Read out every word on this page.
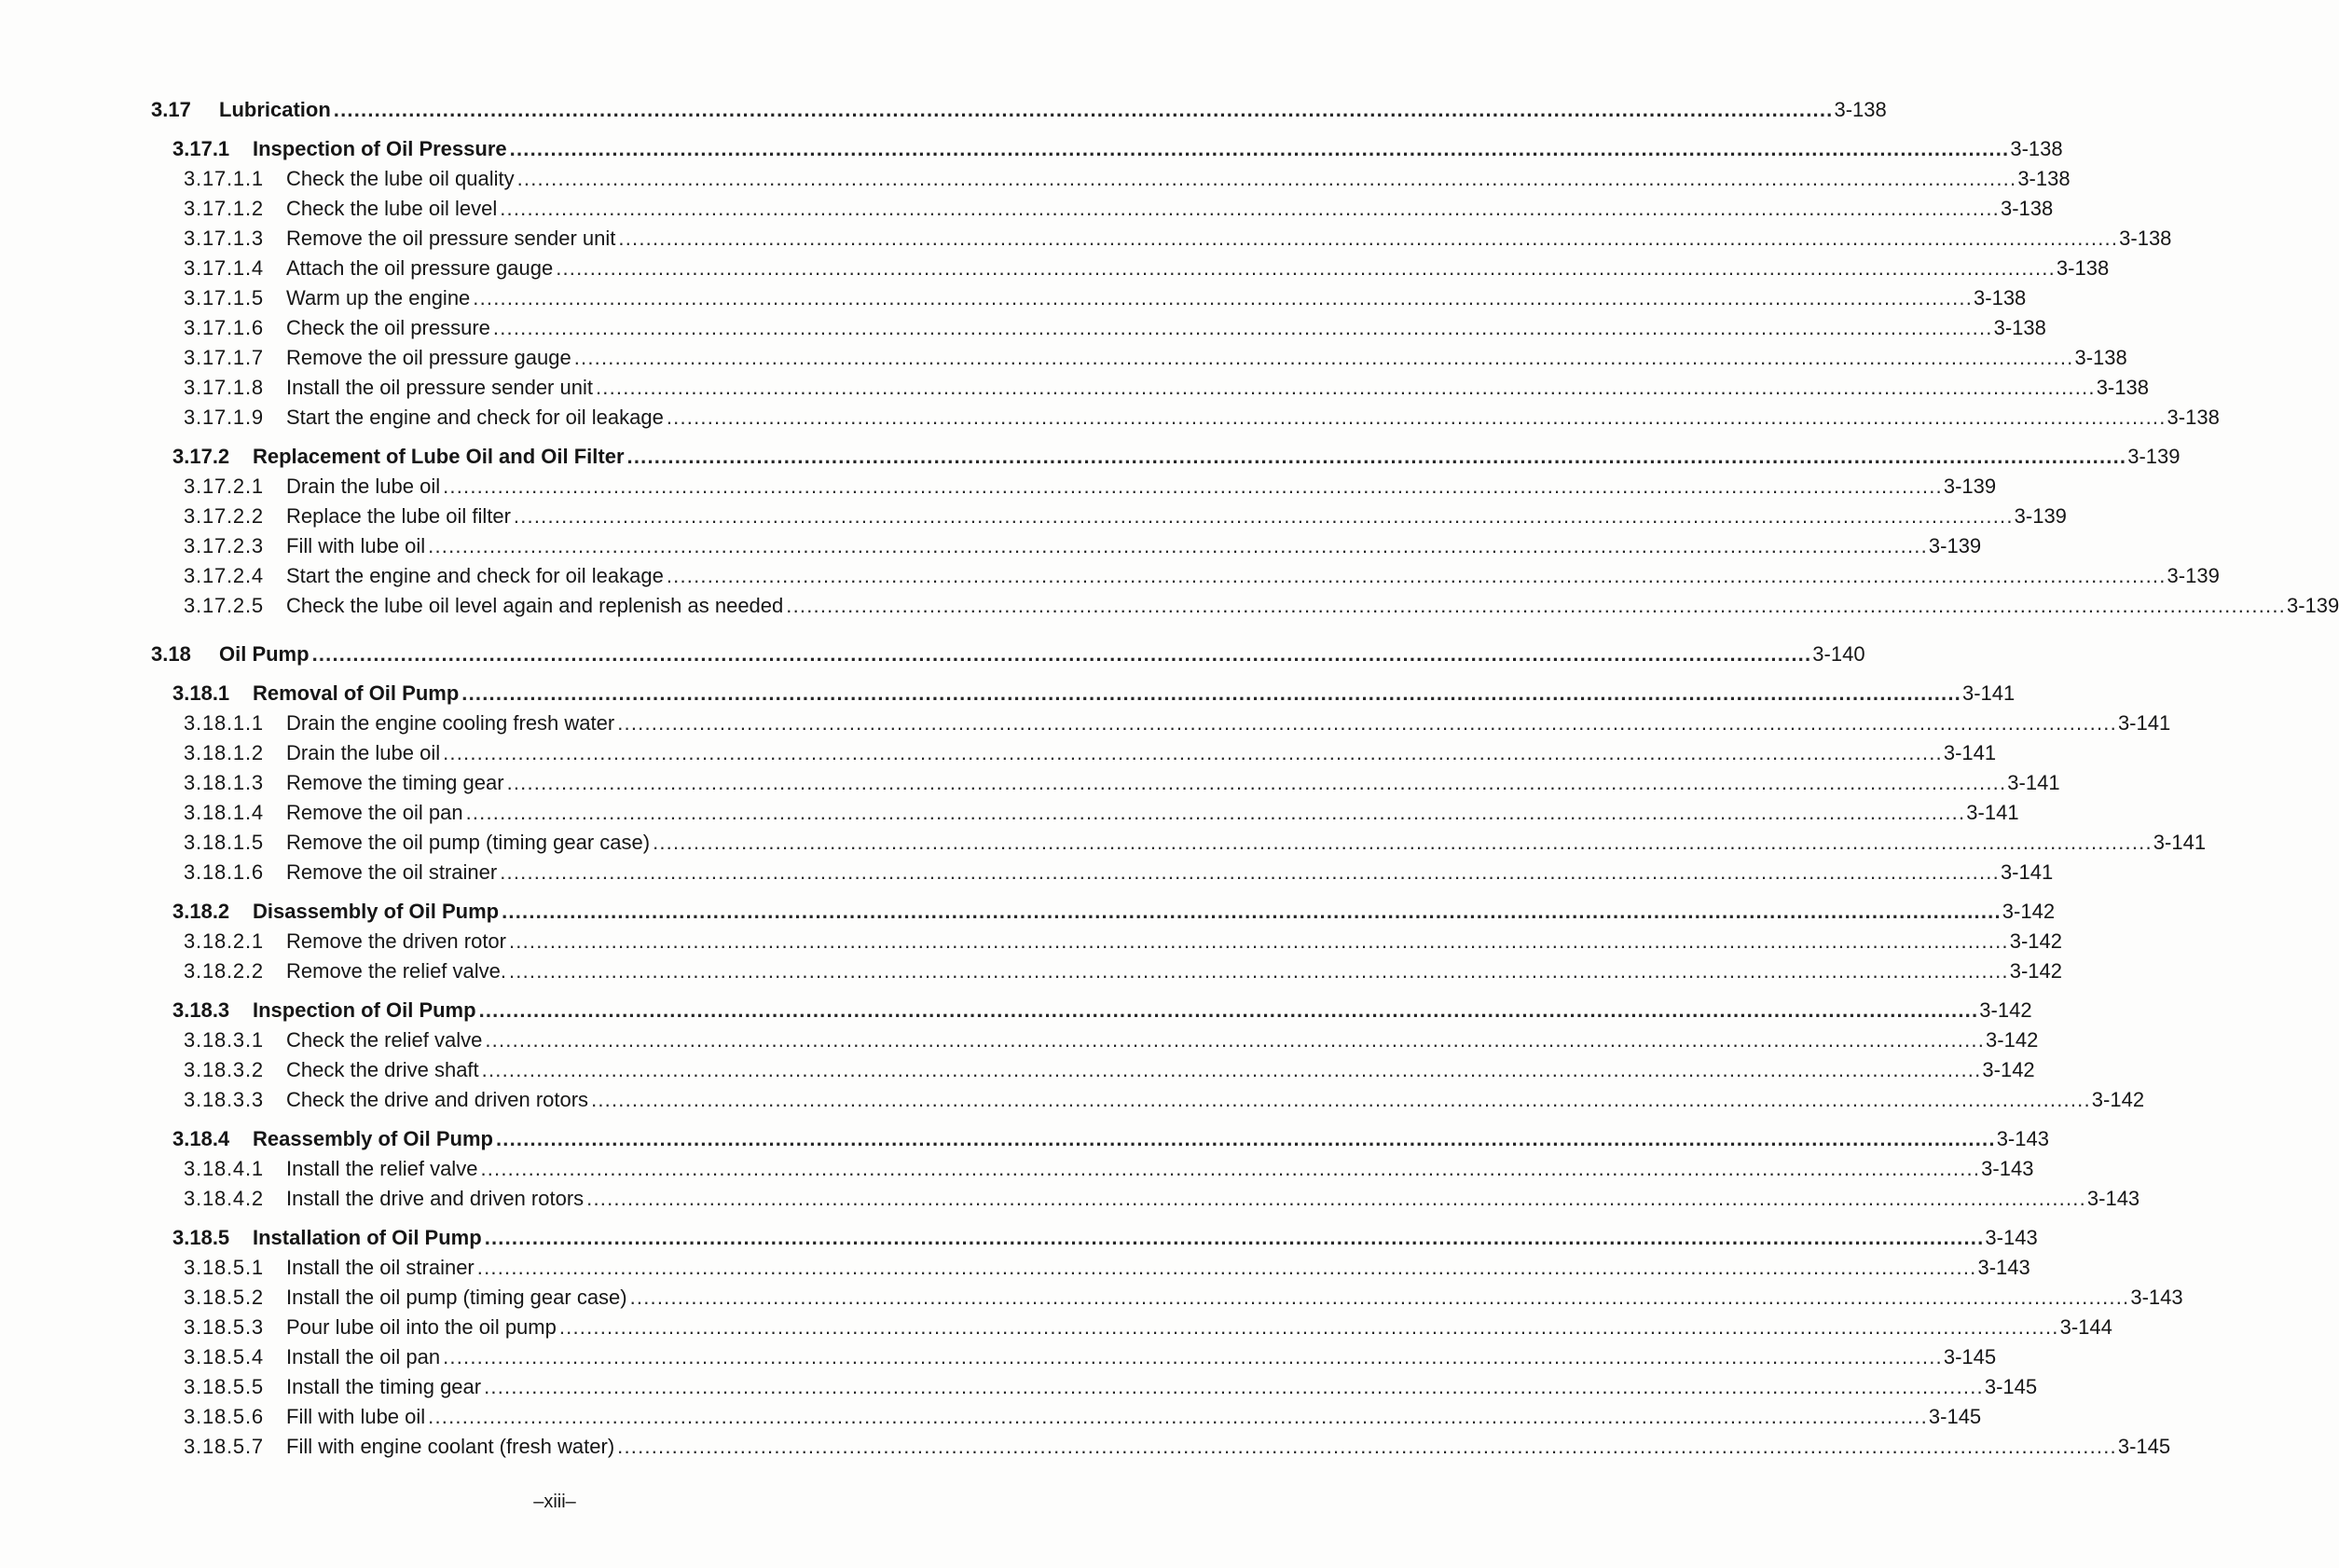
3.17	Lubrication ............................................................................................................................................................................................................................ 3-138
3.17.1	Inspection of Oil Pressure ............................................................................................................................................................................................................................ 3-138
3.17.1.1	Check the lube oil quality ............................................................................................................................................................................................................................ 3-138
3.17.1.2	Check the lube oil level ............................................................................................................................................................................................................................ 3-138
3.17.1.3	Remove the oil pressure sender unit ............................................................................................................................................................................................................................ 3-138
3.17.1.4	Attach the oil pressure gauge ............................................................................................................................................................................................................................ 3-138
3.17.1.5	Warm up the engine ............................................................................................................................................................................................................................ 3-138
3.17.1.6	Check the oil pressure ............................................................................................................................................................................................................................ 3-138
3.17.1.7	Remove the oil pressure gauge ............................................................................................................................................................................................................................ 3-138
3.17.1.8	Install the oil pressure sender unit ............................................................................................................................................................................................................................ 3-138
3.17.1.9	Start the engine and check for oil leakage ............................................................................................................................................................................................................................ 3-138
3.17.2	Replacement of Lube Oil and Oil Filter ............................................................................................................................................................................................................................ 3-139
3.17.2.1	Drain the lube oil ............................................................................................................................................................................................................................ 3-139
3.17.2.2	Replace the lube oil filter ............................................................................................................................................................................................................................ 3-139
3.17.2.3	Fill with lube oil ............................................................................................................................................................................................................................ 3-139
3.17.2.4	Start the engine and check for oil leakage ............................................................................................................................................................................................................................ 3-139
3.17.2.5	Check the lube oil level again and replenish as needed ............................................................................................................................................................................................................................ 3-139
3.18	Oil Pump ............................................................................................................................................................................................................................ 3-140
3.18.1	Removal of Oil Pump ............................................................................................................................................................................................................................ 3-141
3.18.1.1	Drain the engine cooling fresh water ............................................................................................................................................................................................................................ 3-141
3.18.1.2	Drain the lube oil ............................................................................................................................................................................................................................ 3-141
3.18.1.3	Remove the timing gear ............................................................................................................................................................................................................................ 3-141
3.18.1.4	Remove the oil pan ............................................................................................................................................................................................................................ 3-141
3.18.1.5	Remove the oil pump (timing gear case) ............................................................................................................................................................................................................................ 3-141
3.18.1.6	Remove the oil strainer ............................................................................................................................................................................................................................ 3-141
3.18.2	Disassembly of Oil Pump ............................................................................................................................................................................................................................ 3-142
3.18.2.1	Remove the driven rotor ............................................................................................................................................................................................................................ 3-142
3.18.2.2	Remove the relief valve. ............................................................................................................................................................................................................................ 3-142
3.18.3	Inspection of Oil Pump ............................................................................................................................................................................................................................ 3-142
3.18.3.1	Check the relief valve ............................................................................................................................................................................................................................ 3-142
3.18.3.2	Check the drive shaft ............................................................................................................................................................................................................................ 3-142
3.18.3.3	Check the drive and driven rotors ............................................................................................................................................................................................................................ 3-142
3.18.4	Reassembly of Oil Pump ............................................................................................................................................................................................................................ 3-143
3.18.4.1	Install the relief valve ............................................................................................................................................................................................................................ 3-143
3.18.4.2	Install the drive and driven rotors ............................................................................................................................................................................................................................ 3-143
3.18.5	Installation of Oil Pump ............................................................................................................................................................................................................................ 3-143
3.18.5.1	Install the oil strainer ............................................................................................................................................................................................................................ 3-143
3.18.5.2	Install the oil pump (timing gear case) ............................................................................................................................................................................................................................ 3-143
3.18.5.3	Pour lube oil into the oil pump ............................................................................................................................................................................................................................ 3-144
3.18.5.4	Install the oil pan ............................................................................................................................................................................................................................ 3-145
3.18.5.5	Install the timing gear ............................................................................................................................................................................................................................ 3-145
3.18.5.6	Fill with lube oil ............................................................................................................................................................................................................................ 3-145
3.18.5.7	Fill with engine coolant (fresh water) ............................................................................................................................................................................................................................ 3-145
–xiii–
